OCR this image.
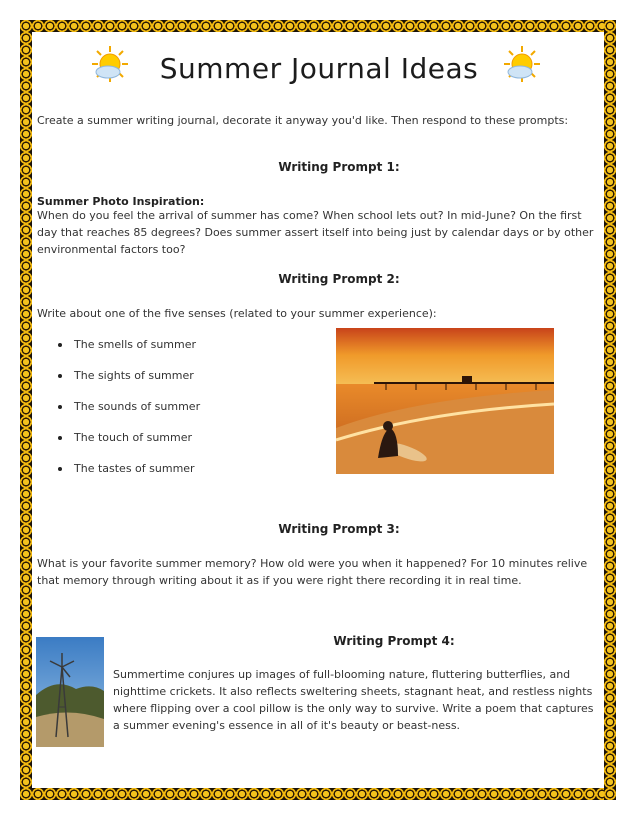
Summer Journal Ideas
Create a summer writing journal, decorate it anyway you'd like. Then respond to these prompts:
Writing Prompt 1:
Summer Photo Inspiration:
When do you feel the arrival of summer has come? When school lets out? In mid-June? On the first day that reaches 85 degrees? Does summer assert itself into being just by calendar days or by other environmental factors too?
Writing Prompt 2:
Write about one of the five senses (related to your summer experience):
The smells of summer
The sights of summer
The sounds of summer
The touch of summer
The tastes of summer
Writing Prompt 3:
What is your favorite summer memory? How old were you when it happened? For 10 minutes relive that memory through writing about it as if you were right there recording it in real time.
Writing Prompt 4:
Summertime conjures up images of full-blooming nature, fluttering butterflies, and nighttime crickets. It also reflects sweltering sheets, stagnant heat, and restless nights where flipping over a cool pillow is the only way to survive. Write a poem that captures a summer evening's essence in all of it's beauty or beast-ness.
